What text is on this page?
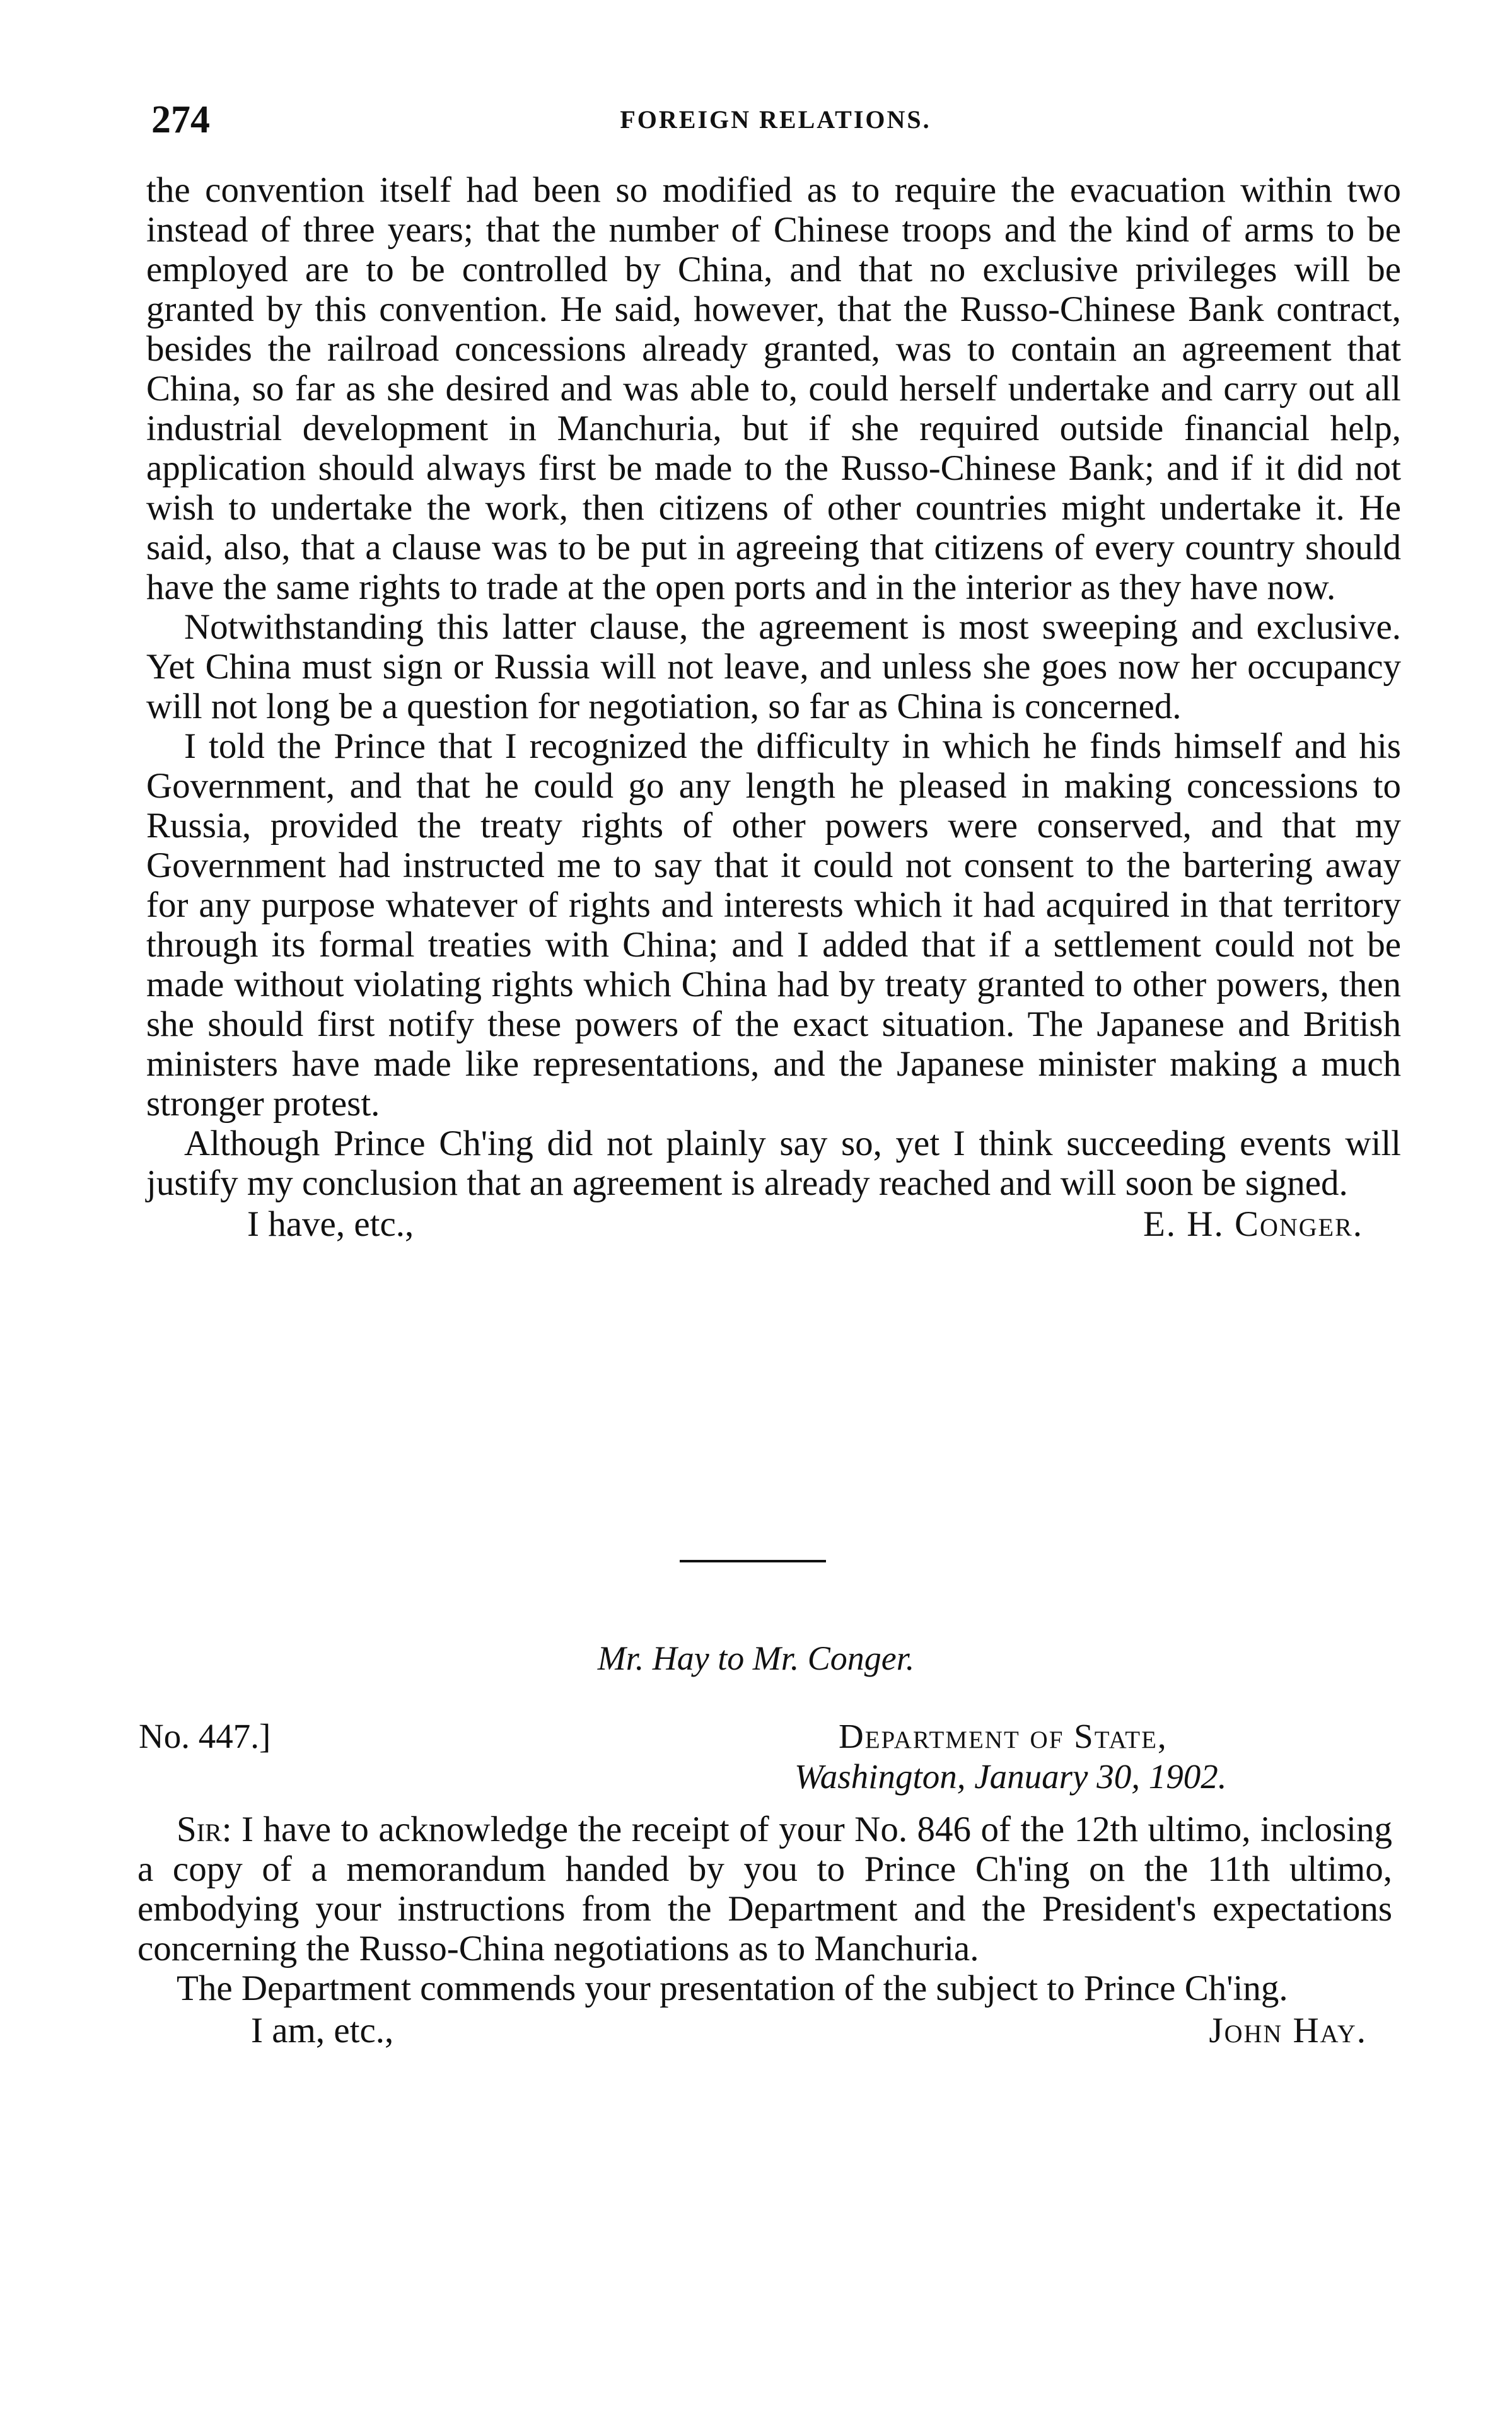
274	FOREIGN RELATIONS.

the convention itself had been so modified as to require the evacuation within two instead of three years; that the number of Chinese troops and the kind of arms to be employed are to be controlled by China, and that no exclusive privileges will be granted by this convention. He said, however, that the Russo-Chinese Bank contract, besides the railroad concessions already granted, was to contain an agreement that China, so far as she desired and was able to, could herself undertake and carry out all industrial development in Manchuria, but if she required outside financial help, application should always first be made to the Russo-Chinese Bank; and if it did not wish to undertake the work, then citizens of other countries might undertake it. He said, also, that a clause was to be put in agreeing that citizens of every country should have the same rights to trade at the open ports and in the interior as they have now.

Notwithstanding this latter clause, the agreement is most sweeping and exclusive. Yet China must sign or Russia will not leave, and unless she goes now her occupancy will not long be a question for negotiation, so far as China is concerned.

I told the Prince that I recognized the difficulty in which he finds himself and his Government, and that he could go any length he pleased in making concessions to Russia, provided the treaty rights of other powers were conserved, and that my Government had instructed me to say that it could not consent to the bartering away for any purpose whatever of rights and interests which it had acquired in that territory through its formal treaties with China; and I added that if a settlement could not be made without violating rights which China had by treaty granted to other powers, then she should first notify these powers of the exact situation. The Japanese and British ministers have made like representations, and the Japanese minister making a much stronger protest.

Although Prince Ch'ing did not plainly say so, yet I think succeeding events will justify my conclusion that an agreement is already reached and will soon be signed.

I have, etc.,	E. H. Conger.
Mr. Hay to Mr. Conger.
No. 447.]	Department of State,
Washington, January 30, 1902.

Sir: I have to acknowledge the receipt of your No. 846 of the 12th ultimo, inclosing a copy of a memorandum handed by you to Prince Ch'ing on the 11th ultimo, embodying your instructions from the Department and the President's expectations concerning the Russo-China negotiations as to Manchuria.

The Department commends your presentation of the subject to Prince Ch'ing.

I am, etc.,	John Hay.
